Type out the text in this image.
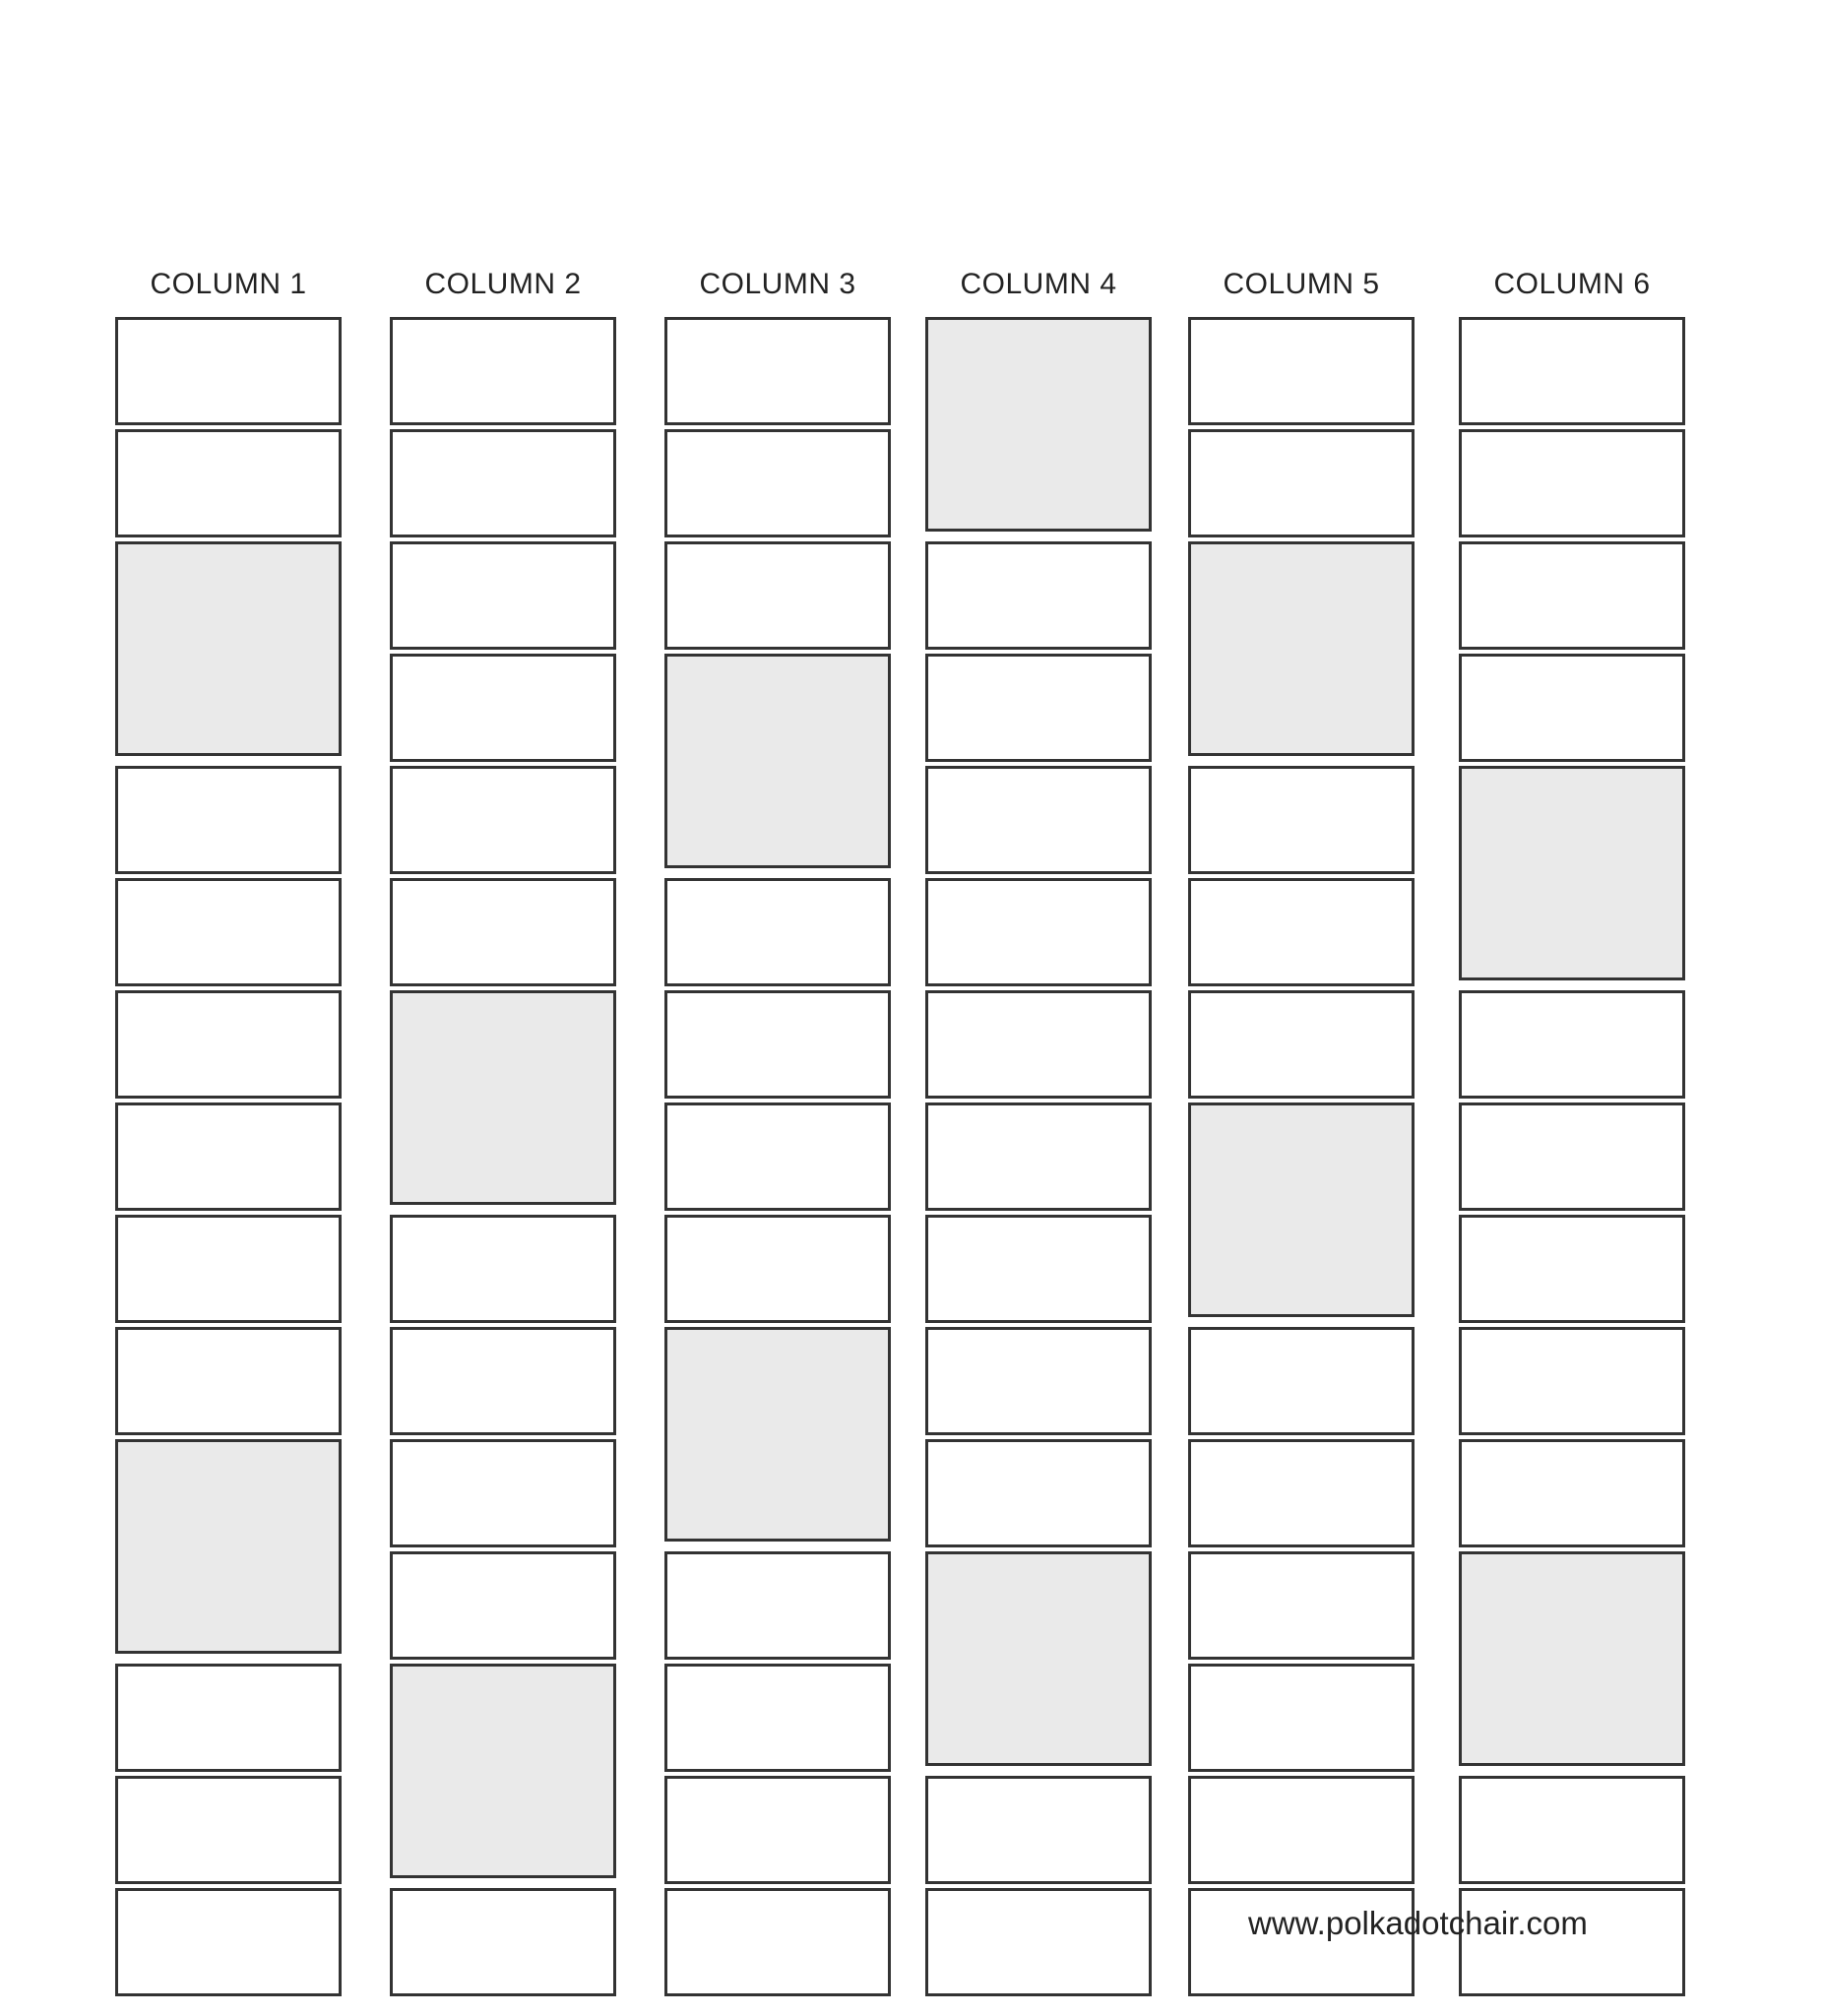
COLUMN 1	COLUMN 2	COLUMN 3	COLUMN 4	COLUMN 5	COLUMN 6
www.polkadotchair.com
